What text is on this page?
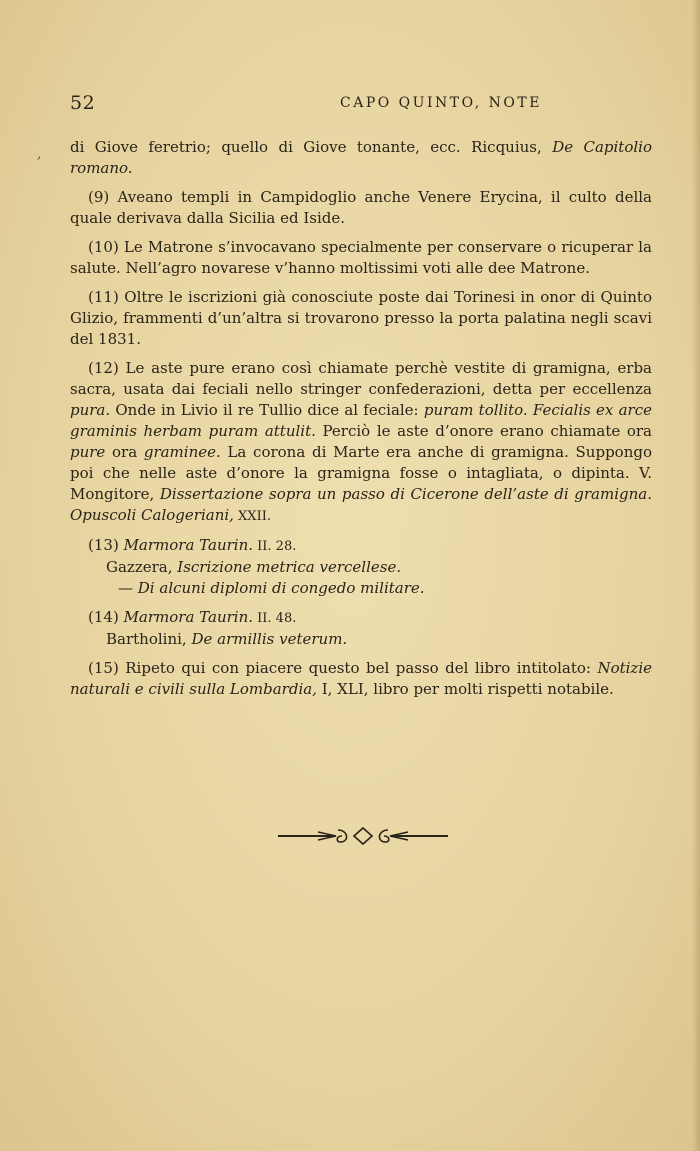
52	CAPO QUINTO, NOTE
, di Giove feretrio; quello di Giove tonante, ecc. Ricquius, De Capitolio romano.

(9) Aveano templi in Campidoglio anche Venere Erycina, il culto della quale derivava dalla Sicilia ed Iside.

(10) Le Matrone s’invocavano specialmente per conservare o ricuperar la salute. Nell’agro novarese v’hanno moltissimi voti alle dee Matrone.

(11) Oltre le iscrizioni già conosciute poste dai Torinesi in onor di Quinto Glizio, frammenti d’un’altra si trovarono presso la porta palatina negli scavi del 1831.

(12) Le aste pure erano così chiamate perchè vestite di gramigna, erba sacra, usata dai feciali nello stringer confederazioni, detta per eccellenza pura. Onde in Livio il re Tullio dice al feciale: puram tollito. Fecialis ex arce graminis herbam puram attulit. Perciò le aste d’onore erano chiamate ora pure ora graminee. La corona di Marte era anche di gramigna. Suppongo poi che nelle aste d’onore la gramigna fosse o intagliata, o dipinta. V. Mongitore, Dissertazione sopra un passo di Cicerone dell’aste di gramigna. Opuscoli Calogeriani, XXII.

(13) Marmora Taurin. II. 28.
Gazzera, Iscrizione metrica vercellese.
— Di alcuni diplomi di congedo militare.
(14) Marmora Taurin. II. 48.
Bartholini, De armillis veterum.

(15) Ripeto qui con piacere questo bel passo del libro intitolato: Notizie naturali e civili sulla Lombardia, I, XLI, libro per molti rispetti notabile.
